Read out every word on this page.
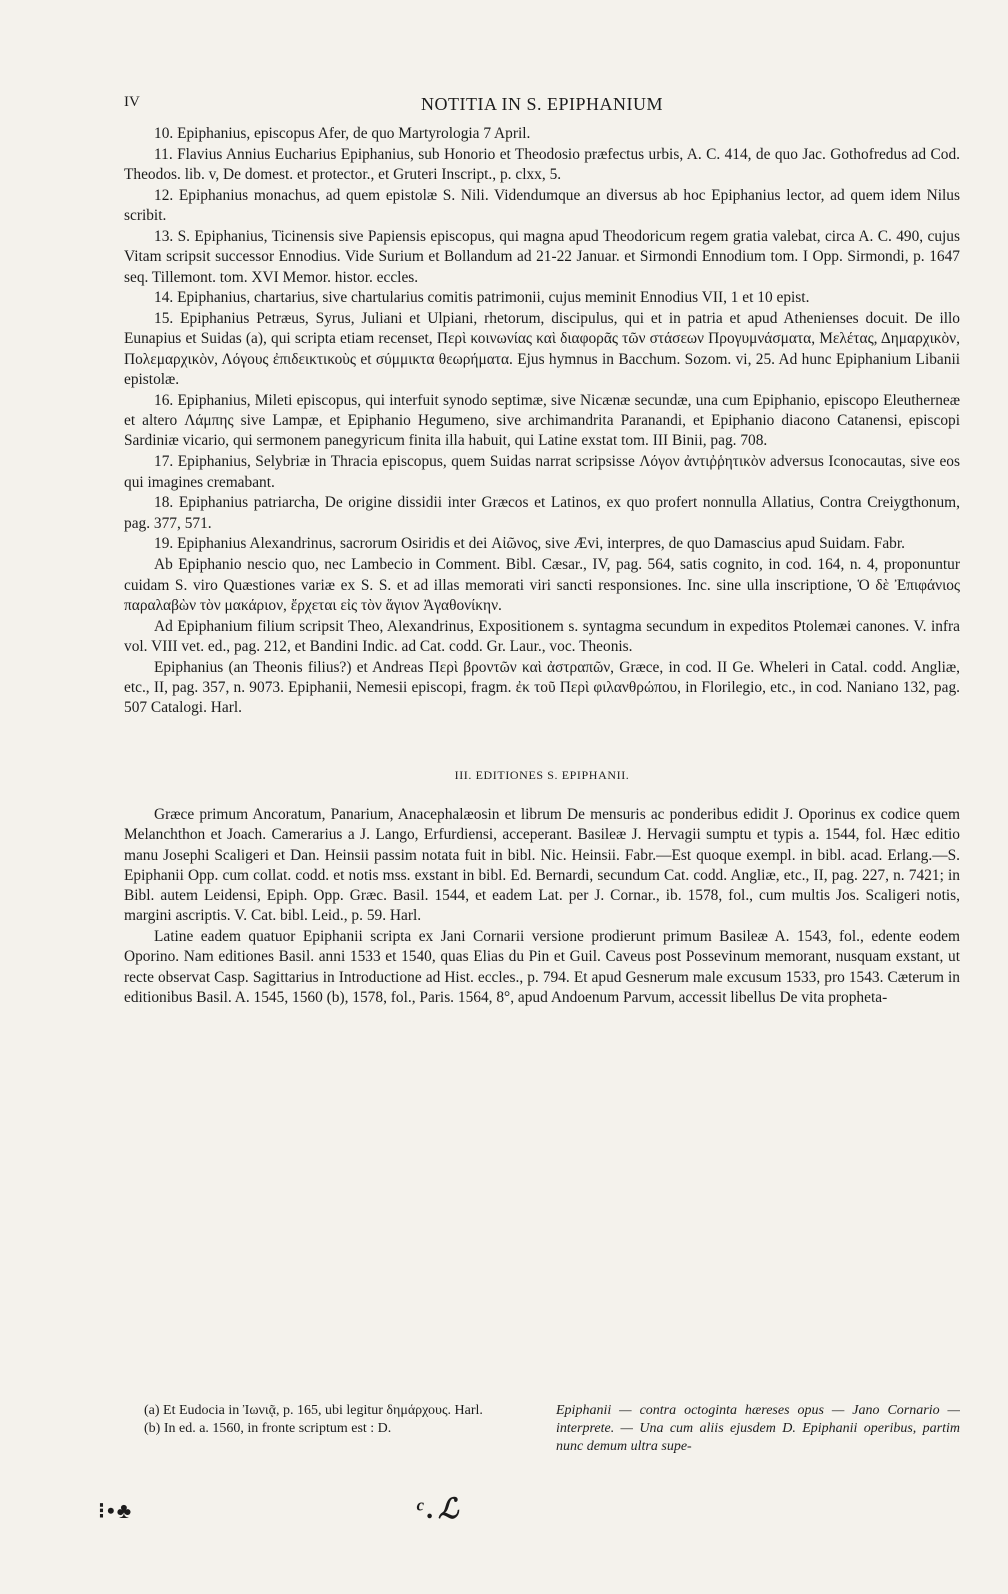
IV	NOTITIA IN S. EPIPHANIUM

10. Epiphanius, episcopus Afer, de quo Martyrologia 7 April.

11. Flavius Annius Eucharius Epiphanius, sub Honorio et Theodosio præfectus urbis, A. C. 414, de quo Jac. Gothofredus ad Cod. Theodos. lib. v, De domest. et protector., et Gruteri Inscript., p. clxx, 5.

12. Epiphanius monachus, ad quem epistolæ S. Nili. Videndumque an diversus ab hoc Epiphanius lector, ad quem idem Nilus scribit.

13. S. Epiphanius, Ticinensis sive Papiensis episcopus, qui magna apud Theodoricum regem gratia valebat, circa A. C. 490, cujus Vitam scripsit successor Ennodius. Vide Surium et Bollandum ad 21-22 Januar. et Sirmondi Ennodium tom. I Opp. Sirmondi, p. 1647 seq. Tillemont. tom. XVI Memor. histor. eccles.

14. Epiphanius, chartarius, sive chartularius comitis patrimonii, cujus meminit Ennodius VII, 1 et 10 epist.

15. Epiphanius Petræus, Syrus, Juliani et Ulpiani, rhetorum, discipulus, qui et in patria et apud Athenienses docuit. De illo Eunapius et Suidas (a), qui scripta etiam recenset, Περὶ κοινωνίας καὶ διαφορᾶς τῶν στάσεων Προγυμνάσματα, Μελέτας, Δημαρχικὸν, Πολεμαρχικὸν, Λόγους ἐπιδεικτικοὺς et σύμμικτα θεωρήματα. Ejus hymnus in Bacchum. Sozom. vi, 25. Ad hunc Epiphanium Libanii epistolæ.

16. Epiphanius, Mileti episcopus, qui interfuit synodo septimæ, sive Nicænæ secundæ, una cum Epiphanio, episcopo Eleutherneæ et altero Λάμπης sive Lampæ, et Epiphanio Hegumeno, sive archimandrita Paranandi, et Epiphanio diacono Catanensi, episcopi Sardiniæ vicario, qui sermonem panegyricum finita illa habuit, qui Latine exstat tom. III Binii, pag. 708.

17. Epiphanius, Selybriæ in Thracia episcopus, quem Suidas narrat scripsisse Λόγον ἀντιῤῥητικὸν adversus Iconocautas, sive eos qui imagines cremabant.

18. Epiphanius patriarcha, De origine dissidii inter Græcos et Latinos, ex quo profert nonnulla Allatius, Contra Creiygthonum, pag. 377, 571.

19. Epiphanius Alexandrinus, sacrorum Osiridis et dei Αἰῶνος, sive Ævi, interpres, de quo Damascius apud Suidam. Fabr.

Ab Epiphanio nescio quo, nec Lambecio in Comment. Bibl. Cæsar., IV, pag. 564, satis cognito, in cod. 164, n. 4, proponuntur cuidam S. viro Quæstiones variæ ex S. S. et ad illas memorati viri sancti responsiones. Inc. sine ulla inscriptione, Ὁ δὲ Ἐπιφάνιος παραλαβὼν τὸν μακάριον, ἔρχεται εἰς τὸν ἅγιον Ἀγαθονίκην.

Ad Epiphanium filium scripsit Theo, Alexandrinus, Expositionem s. syntagma secundum in expeditos Ptolemæi canones. V. infra vol. VIII vet. ed., pag. 212, et Bandini Indic. ad Cat. codd. Gr. Laur., voc. Theonis.

Epiphanius (an Theonis filius?) et Andreas Περὶ βροντῶν καὶ ἀστραπῶν, Græce, in cod. II Ge. Wheleri in Catal. codd. Angliæ, etc., II, pag. 357, n. 9073. Epiphanii, Nemesii episcopi, fragm. ἐκ τοῦ Περὶ φιλανθρώπου, in Florilegio, etc., in cod. Naniano 132, pag. 507 Catalogi. Harl.

III. EDITIONES S. EPIPHANII.

Græce primum Ancoratum, Panarium, Anacephalæosin et librum De mensuris ac ponderibus edidit J. Oporinus ex codice quem Melanchthon et Joach. Camerarius a J. Lango, Erfurdiensi, acceperant. Basileæ J. Hervagii sumptu et typis a. 1544, fol. Hæc editio manu Josephi Scaligeri et Dan. Heinsii passim notata fuit in bibl. Nic. Heinsii. Fabr.—Est quoque exempl. in bibl. acad. Erlang.—S. Epiphanii Opp. cum collat. codd. et notis mss. exstant in bibl. Ed. Bernardi, secundum Cat. codd. Angliæ, etc., II, pag. 227, n. 7421; in Bibl. autem Leidensi, Epiph. Opp. Græc. Basil. 1544, et eadem Lat. per J. Cornar., ib. 1578, fol., cum multis Jos. Scaligeri notis, margini ascriptis. V. Cat. bibl. Leid., p. 59. Harl.

Latine eadem quatuor Epiphanii scripta ex Jani Cornarii versione prodierunt primum Basileæ A. 1543, fol., edente eodem Oporino. Nam editiones Basil. anni 1533 et 1540, quas Elias du Pin et Guil. Caveus post Possevinum memorant, nusquam exstant, ut recte observat Casp. Sagittarius in Introductione ad Hist. eccles., p. 794. Et apud Gesnerum male excusum 1533, pro 1543. Cæterum in editionibus Basil. A. 1545, 1560 (b), 1578, fol., Paris. 1564, 8°, apud Andoenum Parvum, accessit libellus De vita propheta-

(a) Et Eudocia in Ἰωνιᾷ, p. 165, ubi legitur δημάρχους. Harl.

(b) In ed. a. 1560, in fronte scriptum est : D.

Epiphanii — contra octoginta hæreses opus — Jano Cornario — interprete. — Una cum aliis ejusdem D. Epiphanii operibus, partim nunc demum ultra supe-
⁝•♣	ᶜ.ℒ
